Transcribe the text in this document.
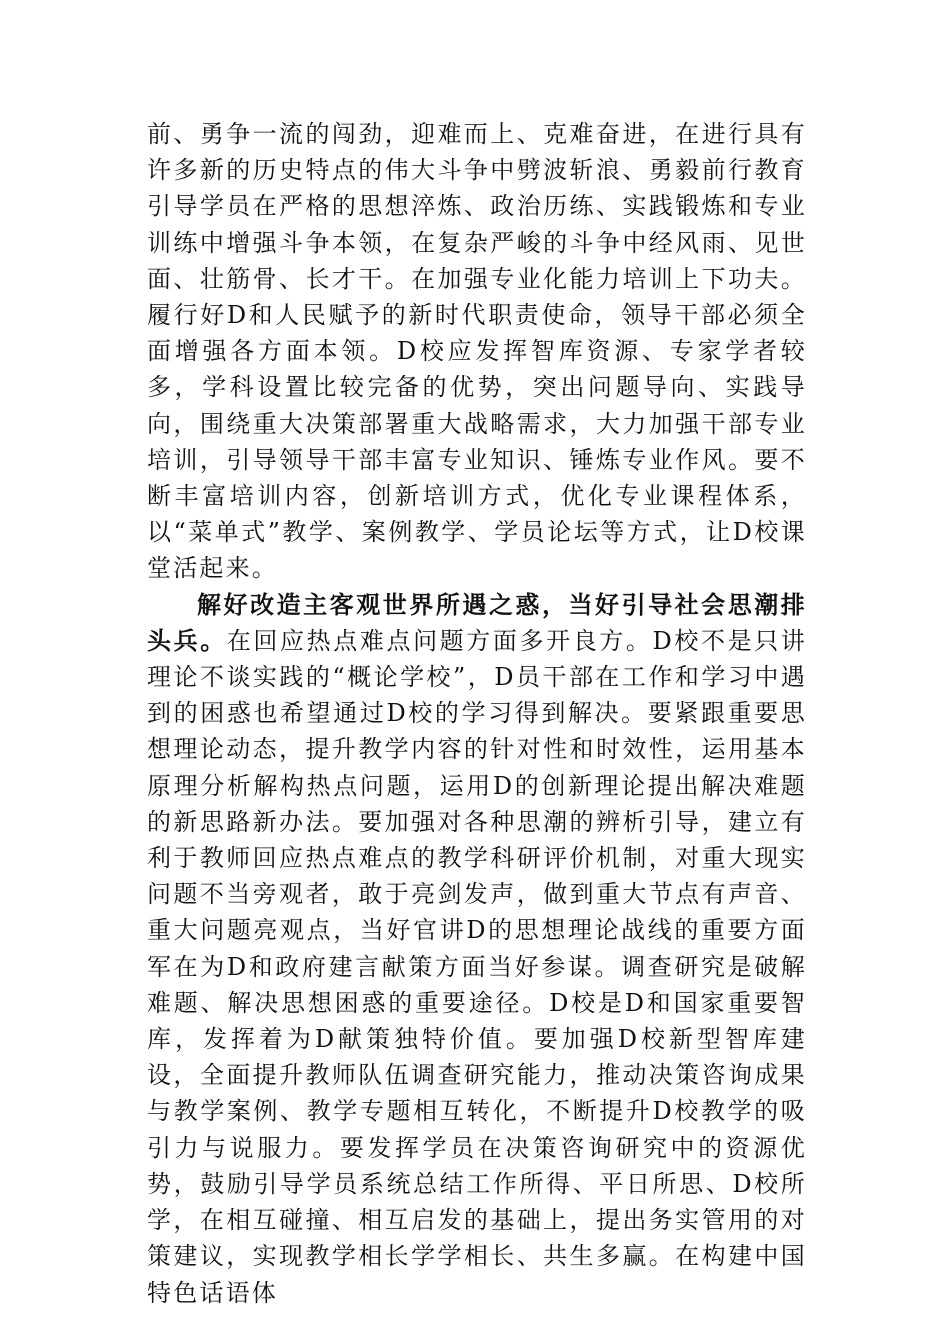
前、勇争一流的闯劲，迎难而上、克难奋进，在进行具有许多新的历史特点的伟大斗争中劈波斩浪、勇毅前行教育引导学员在严格的思想淬炼、政治历练、实践锻炼和专业训练中增强斗争本领，在复杂严峻的斗争中经风雨、见世面、壮筋骨、长才干。在加强专业化能力培训上下功夫。履行好D和人民赋予的新时代职责使命，领导干部必须全面增强各方面本领。D校应发挥智库资源、专家学者较多，学科设置比较完备的优势，突出问题导向、实践导向，围绕重大决策部署重大战略需求，大力加强干部专业培训，引导领导干部丰富专业知识、锤炼专业作风。要不断丰富培训内容，创新培训方式，优化专业课程体系，以“菜单式”教学、案例教学、学员论坛等方式，让D校课堂活起来。

解好改造主客观世界所遇之惑，当好引导社会思潮排头兵。在回应热点难点问题方面多开良方。D校不是只讲理论不谈实践的“概论学校”，D员干部在工作和学习中遇到的困惑也希望通过D校的学习得到解决。要紧跟重要思想理论动态，提升教学内容的针对性和时效性，运用基本原理分析解构热点问题，运用D的创新理论提出解决难题的新思路新办法。要加强对各种思潮的辨析引导，建立有利于教师回应热点难点的教学科研评价机制，对重大现实问题不当旁观者，敢于亮剑发声，做到重大节点有声音、重大问题亮观点，当好官讲D的思想理论战线的重要方面军在为D和政府建言献策方面当好参谋。调查研究是破解难题、解决思想困惑的重要途径。D校是D和国家重要智库，发挥着为D献策独特价值。要加强D校新型智库建设，全面提升教师队伍调查研究能力，推动决策咨询成果与教学案例、教学专题相互转化，不断提升D校教学的吸引力与说服力。要发挥学员在决策咨询研究中的资源优势，鼓励引导学员系统总结工作所得、平日所思、D校所学，在相互碰撞、相互启发的基础上，提出务实管用的对策建议，实现教学相长学学相长、共生多赢。在构建中国特色话语体
